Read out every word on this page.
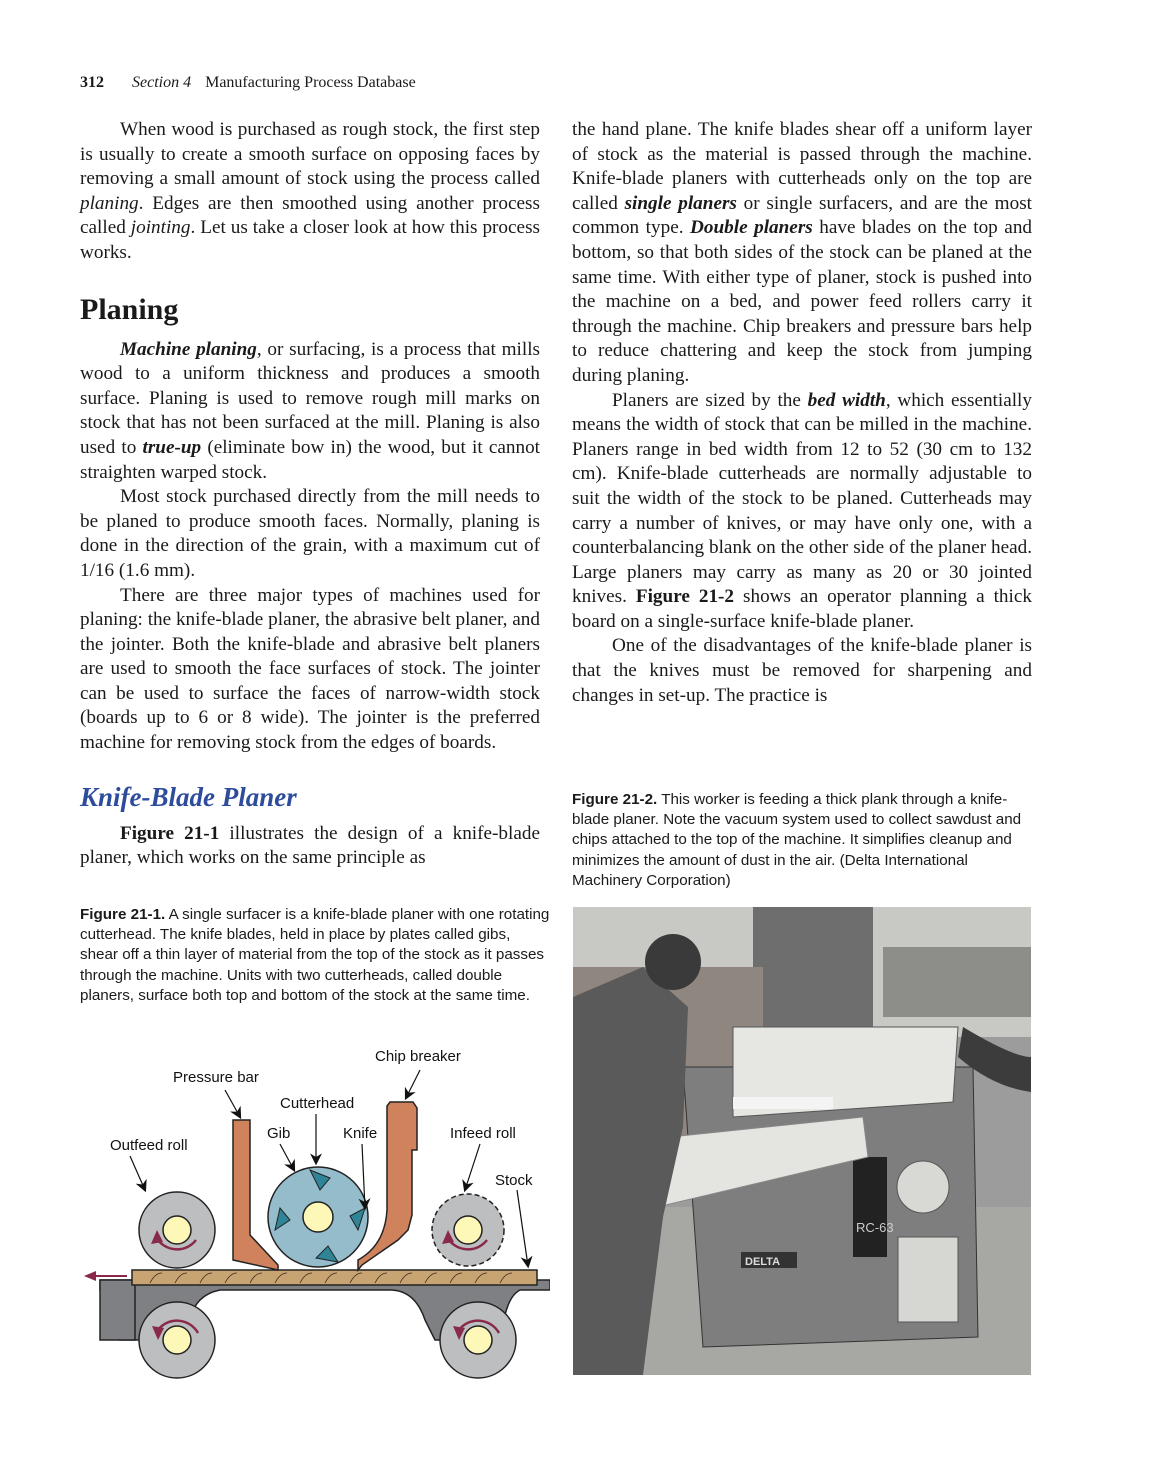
312 Section 4 Manufacturing Process Database

When wood is purchased as rough stock, the first step is usually to create a smooth surface on opposing faces by removing a small amount of stock using the process called planing. Edges are then smoothed using another process called jointing. Let us take a closer look at how this process works.

Planing

Machine planing, or surfacing, is a process that mills wood to a uniform thickness and produces a smooth surface. Planing is used to remove rough mill marks on stock that has not been surfaced at the mill. Planing is also used to true-up (eliminate bow in) the wood, but it cannot straighten warped stock.

Most stock purchased directly from the mill needs to be planed to produce smooth faces. Normally, planing is done in the direction of the grain, with a maximum cut of 1/16 (1.6 mm).

There are three major types of machines used for planing: the knife-blade planer, the abrasive belt planer, and the jointer. Both the knife-blade and abrasive belt planers are used to smooth the face surfaces of stock. The jointer can be used to surface the faces of narrow-width stock (boards up to 6 or 8 wide). The jointer is the preferred machine for removing stock from the edges of boards.

Knife-Blade Planer

Figure 21-1 illustrates the design of a knife-blade planer, which works on the same principle as

the hand plane. The knife blades shear off a uniform layer of stock as the material is passed through the machine. Knife-blade planers with cutterheads only on the top are called single planers or single surfacers, and are the most common type. Double planers have blades on the top and bottom, so that both sides of the stock can be planed at the same time. With either type of planer, stock is pushed into the machine on a bed, and power feed rollers carry it through the machine. Chip breakers and pressure bars help to reduce chattering and keep the stock from jumping during planing.

Planers are sized by the bed width, which essentially means the width of stock that can be milled in the machine. Planers range in bed width from 12 to 52 (30 cm to 132 cm). Knife-blade cutterheads are normally adjustable to suit the width of the stock to be planed. Cutterheads may carry a number of knives, or may have only one, with a counterbalancing blank on the other side of the planer head. Large planers may carry as many as 20 or 30 jointed knives. Figure 21-2 shows an operator planning a thick board on a single-surface knife-blade planer.

One of the disadvantages of the knife-blade planer is that the knives must be removed for sharpening and changes in set-up. The practice is

Figure 21-1. A single surfacer is a knife-blade planer with one rotating cutterhead. The knife blades, held in place by plates called gibs, shear off a thin layer of material from the top of the stock as it passes through the machine. Units with two cutterheads, called double planers, surface both top and bottom of the stock at the same time.
Figure 21-2. This worker is feeding a thick plank through a knife-blade planer. Note the vacuum system used to collect sawdust and chips attached to the top of the machine. It simplifies cleanup and minimizes the amount of dust in the air. (Delta International Machinery Corporation)
Chip breaker
Pressure bar
Cutterhead
Gib	Knife	Infeed roll
Outfeed roll
Stock
RC-63
DELTA
